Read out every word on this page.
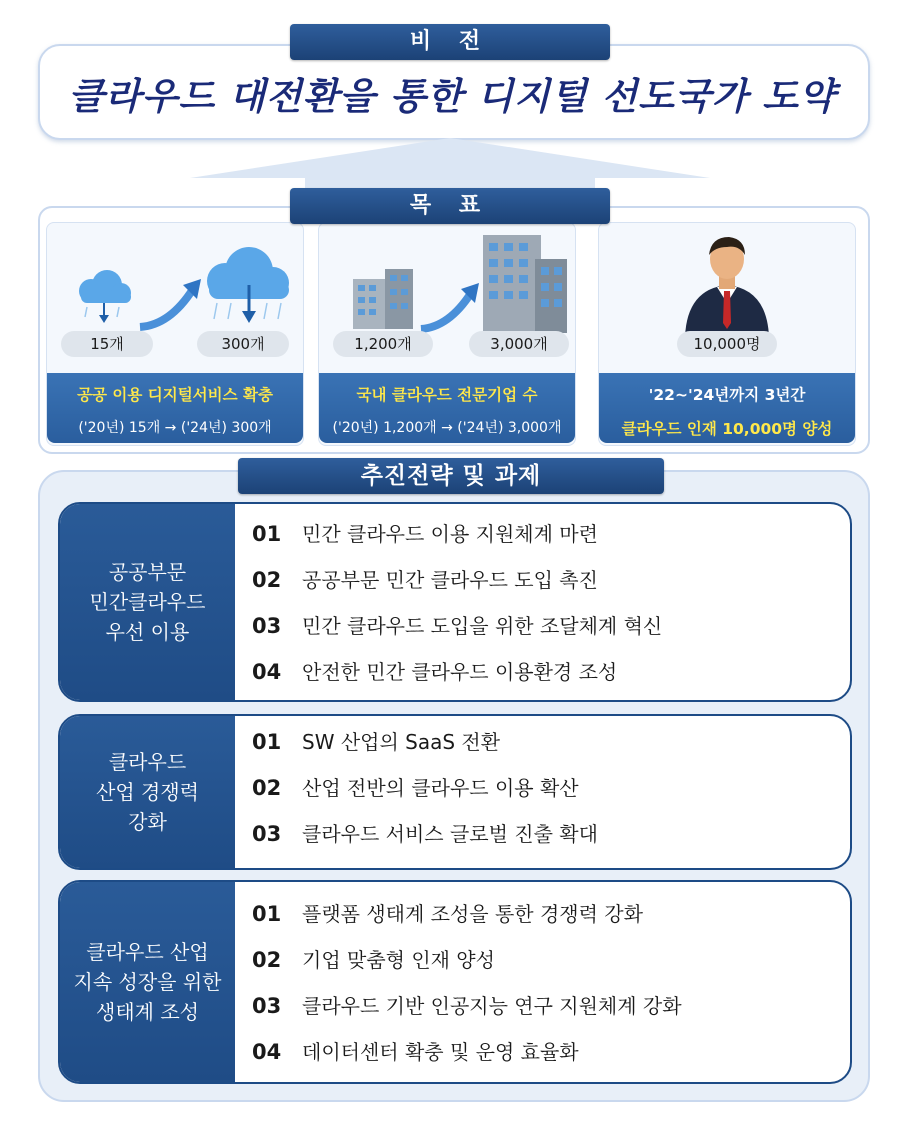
비 전
클라우드 대전환을 통한 디지털 선도국가 도약
15개	300개
공공 이용 디지털서비스 확충
('20년) 15개 → ('24년) 300개
1,200개	3,000개
국내 클라우드 전문기업 수
('20년) 1,200개 → ('24년) 3,000개
10,000명
'22~'24년까지 3년간
클라우드 인재 10,000명 양성
목 표
추진전략 및 과제
공공부문
민간클라우드
우선 이용
01 민간 클라우드 이용 지원체계 마련
02 공공부문 민간 클라우드 도입 촉진
03 민간 클라우드 도입을 위한 조달체계 혁신
04 안전한 민간 클라우드 이용환경 조성
클라우드
산업 경쟁력
강화
01 SW 산업의 SaaS 전환
02 산업 전반의 클라우드 이용 확산
03 클라우드 서비스 글로벌 진출 확대
클라우드 산업
지속 성장을 위한
생태계 조성
01 플랫폼 생태계 조성을 통한 경쟁력 강화
02 기업 맞춤형 인재 양성
03 클라우드 기반 인공지능 연구 지원체계 강화
04 데이터센터 확충 및 운영 효율화
